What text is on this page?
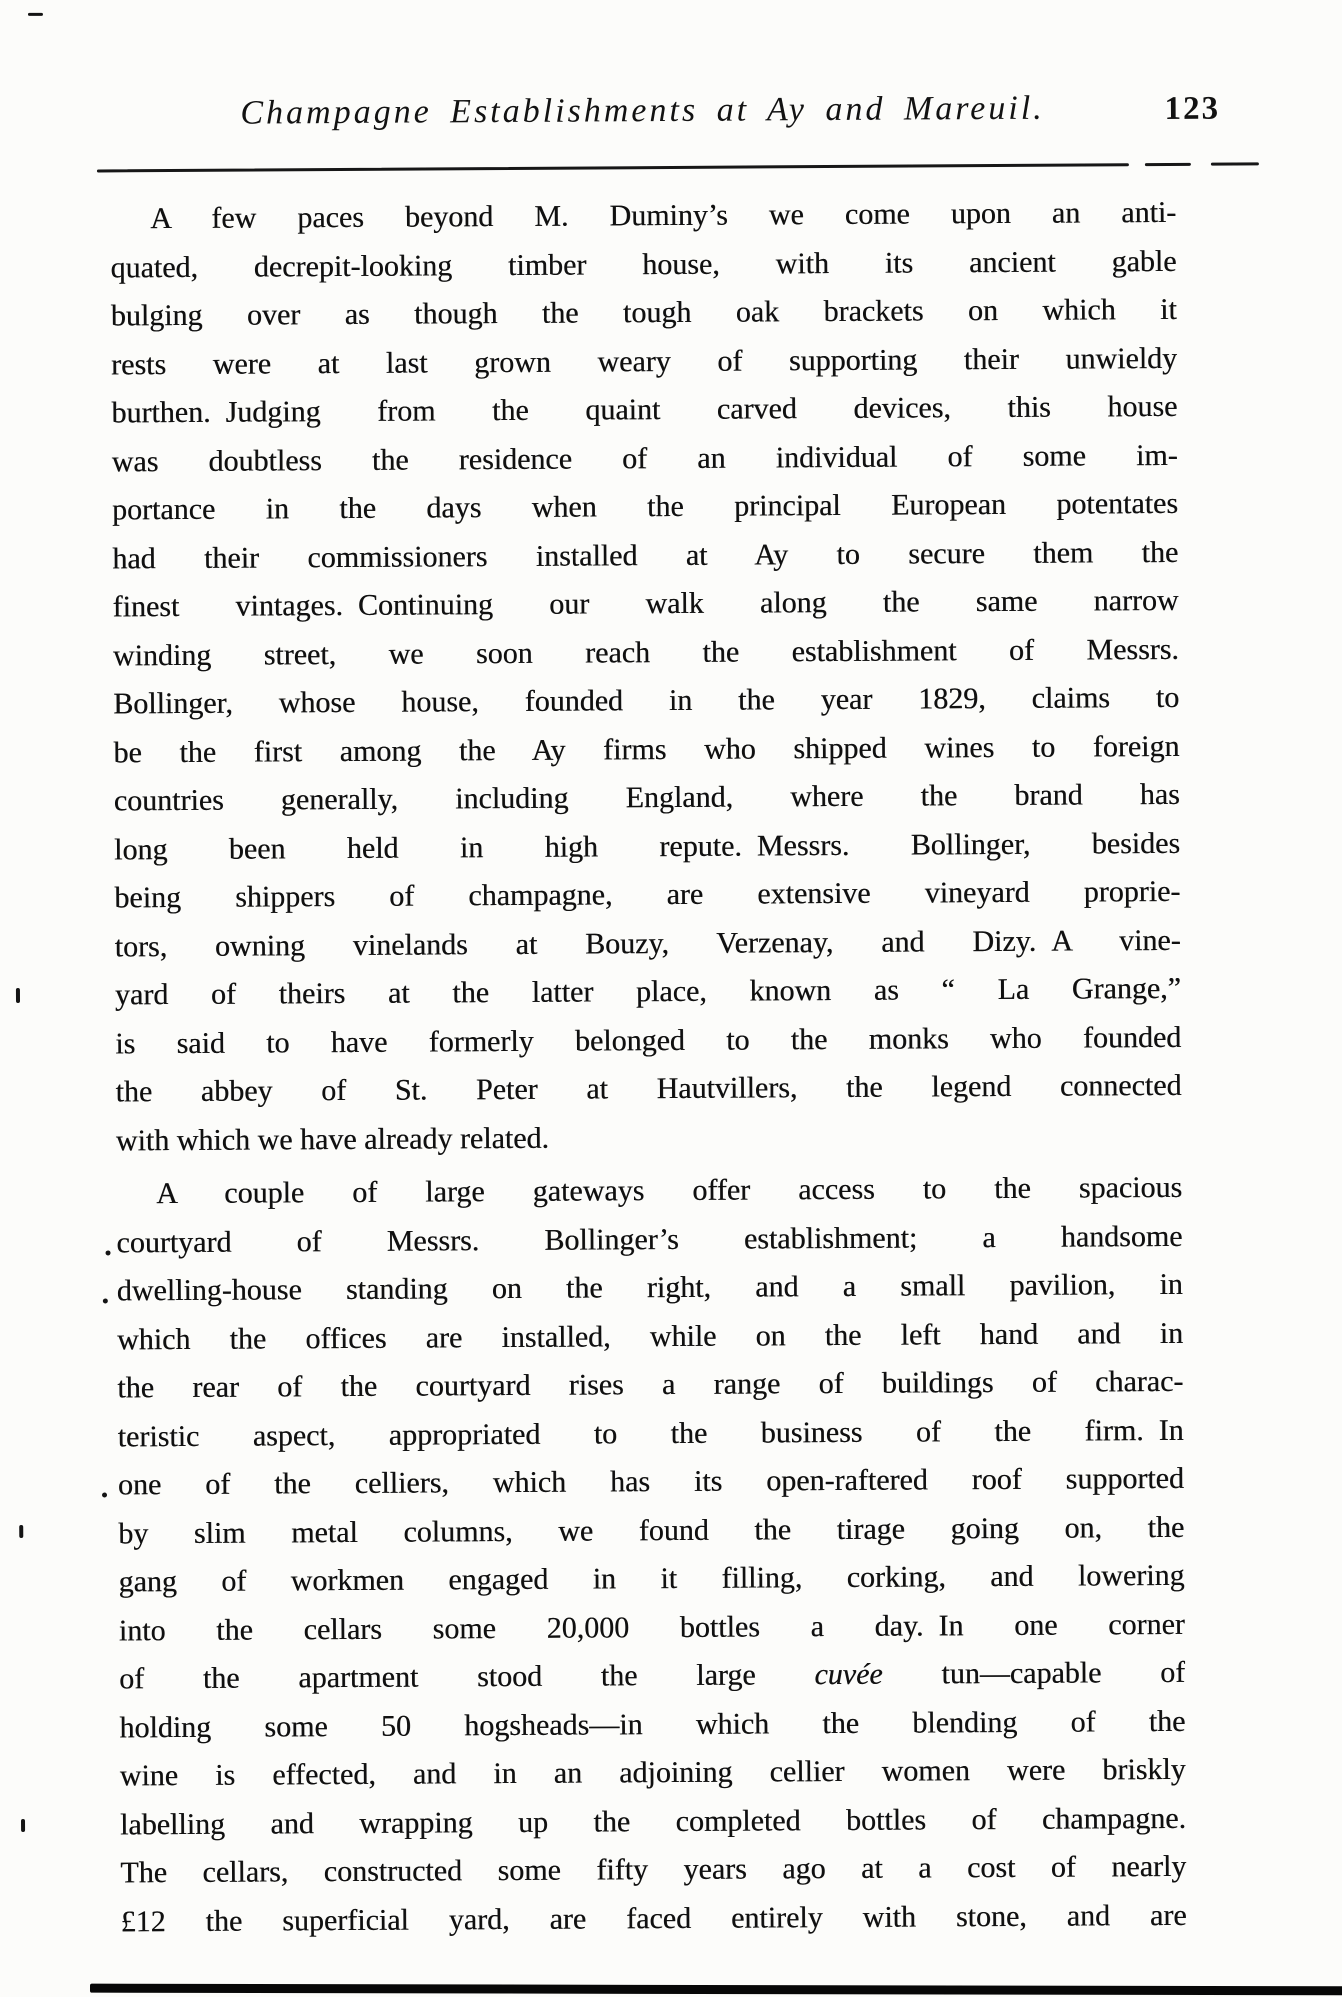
Champagne Establishments at Ay and Mareuil.	123
A few paces beyond M. Duminy’s we come upon an anti-
quated, decrepit-looking timber house, with its ancient gable
bulging over as though the tough oak brackets on which it
rests were at last grown weary of supporting their unwieldy
burthen. Judging from the quaint carved devices, this house
was doubtless the residence of an individual of some im-
portance in the days when the principal European potentates
had their commissioners installed at Ay to secure them the
finest vintages. Continuing our walk along the same narrow
winding street, we soon reach the establishment of Messrs.
Bollinger, whose house, founded in the year 1829, claims to
be the first among the Ay firms who shipped wines to foreign
countries generally, including England, where the brand has
long been held in high repute. Messrs. Bollinger, besides
being shippers of champagne, are extensive vineyard proprie-
tors, owning vinelands at Bouzy, Verzenay, and Dizy. A vine-
yard of theirs at the latter place, known as “ La Grange,”
is said to have formerly belonged to the monks who founded
the abbey of St. Peter at Hautvillers, the legend connected
with which we have already related.
A couple of large gateways offer access to the spacious
courtyard of Messrs. Bollinger’s establishment; a handsome
dwelling-house standing on the right, and a small pavilion, in
which the offices are installed, while on the left hand and in
the rear of the courtyard rises a range of buildings of charac-
teristic aspect, appropriated to the business of the firm. In
one of the celliers, which has its open-raftered roof supported
by slim metal columns, we found the tirage going on, the
gang of workmen engaged in it filling, corking, and lowering
into the cellars some 20,000 bottles a day. In one corner
of the apartment stood the large cuvée tun—capable of
holding some 50 hogsheads—in which the blending of the
wine is effected, and in an adjoining cellier women were briskly
labelling and wrapping up the completed bottles of champagne.
The cellars, constructed some fifty years ago at a cost of nearly
£12 the superficial yard, are faced entirely with stone, and are
